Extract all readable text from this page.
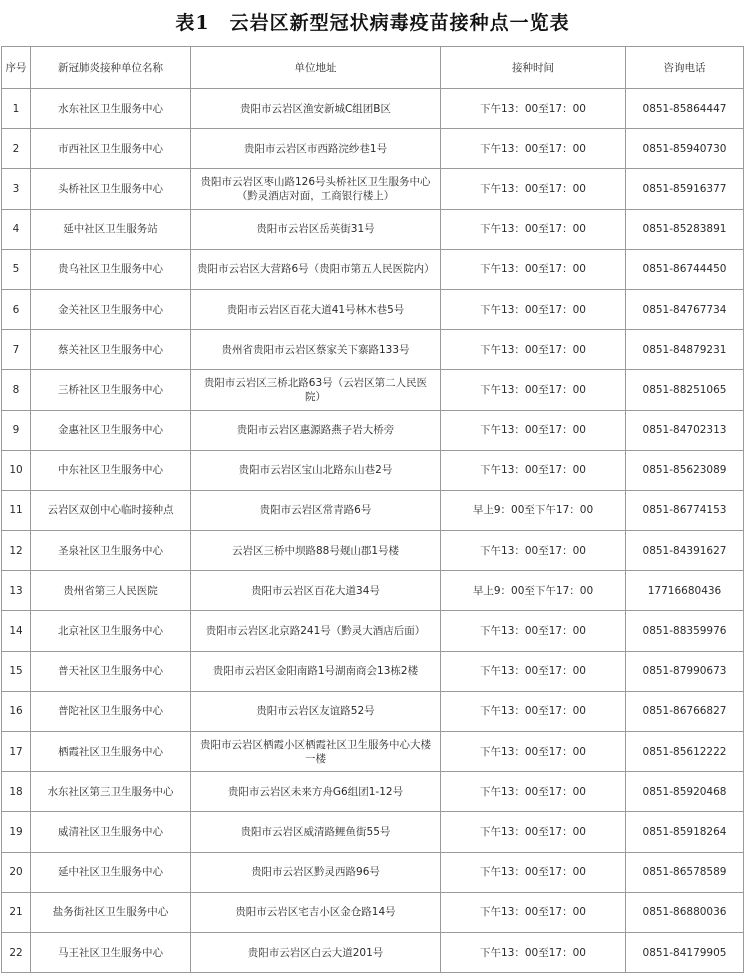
表1　云岩区新型冠状病毒疫苗接种点一览表
序号	新冠肺炎接种单位名称	单位地址	接种时间	咨询电话
1	水东社区卫生服务中心	贵阳市云岩区渔安新城C组团B区	下午13：00至17：00	0851-85864447
2	市西社区卫生服务中心	贵阳市云岩区市西路浣纱巷1号	下午13：00至17：00	0851-85940730
3	头桥社区卫生服务中心	贵阳市云岩区枣山路126号头桥社区卫生服务中心（黔灵酒店对面，工商银行楼上）	下午13：00至17：00	0851-85916377
4	延中社区卫生服务站	贵阳市云岩区岳英街31号	下午13：00至17：00	0851-85283891
5	贵乌社区卫生服务中心	贵阳市云岩区大营路6号（贵阳市第五人民医院内）	下午13：00至17：00	0851-86744450
6	金关社区卫生服务中心	贵阳市云岩区百花大道41号林木巷5号	下午13：00至17：00	0851-84767734
7	蔡关社区卫生服务中心	贵州省贵阳市云岩区蔡家关下寨路133号	下午13：00至17：00	0851-84879231
8	三桥社区卫生服务中心	贵阳市云岩区三桥北路63号（云岩区第二人民医院）	下午13：00至17：00	0851-88251065
9	金惠社区卫生服务中心	贵阳市云岩区惠源路燕子岩大桥旁	下午13：00至17：00	0851-84702313
10	中东社区卫生服务中心	贵阳市云岩区宝山北路东山巷2号	下午13：00至17：00	0851-85623089
11	云岩区双创中心临时接种点	贵阳市云岩区常青路6号	早上9：00至下午17：00	0851-86774153
12	圣泉社区卫生服务中心	云岩区三桥中坝路88号觌山郡1号楼	下午13：00至17：00	0851-84391627
13	贵州省第三人民医院	贵阳市云岩区百花大道34号	早上9：00至下午17：00	17716680436
14	北京社区卫生服务中心	贵阳市云岩区北京路241号（黔灵大酒店后面）	下午13：00至17：00	0851-88359976
15	普天社区卫生服务中心	贵阳市云岩区金阳南路1号湖南商会13栋2楼	下午13：00至17：00	0851-87990673
16	普陀社区卫生服务中心	贵阳市云岩区友谊路52号	下午13：00至17：00	0851-86766827
17	栖霞社区卫生服务中心	贵阳市云岩区栖霞小区栖霞社区卫生服务中心大楼一楼	下午13：00至17：00	0851-85612222
18	水东社区第三卫生服务中心	贵阳市云岩区未来方舟G6组团1-12号	下午13：00至17：00	0851-85920468
19	威清社区卫生服务中心	贵阳市云岩区威清路鲤鱼街55号	下午13：00至17：00	0851-85918264
20	延中社区卫生服务中心	贵阳市云岩区黔灵西路96号	下午13：00至17：00	0851-86578589
21	盐务街社区卫生服务中心	贵阳市云岩区宅吉小区金仓路14号	下午13：00至17：00	0851-86880036
22	马王社区卫生服务中心	贵阳市云岩区白云大道201号	下午13：00至17：00	0851-84179905
